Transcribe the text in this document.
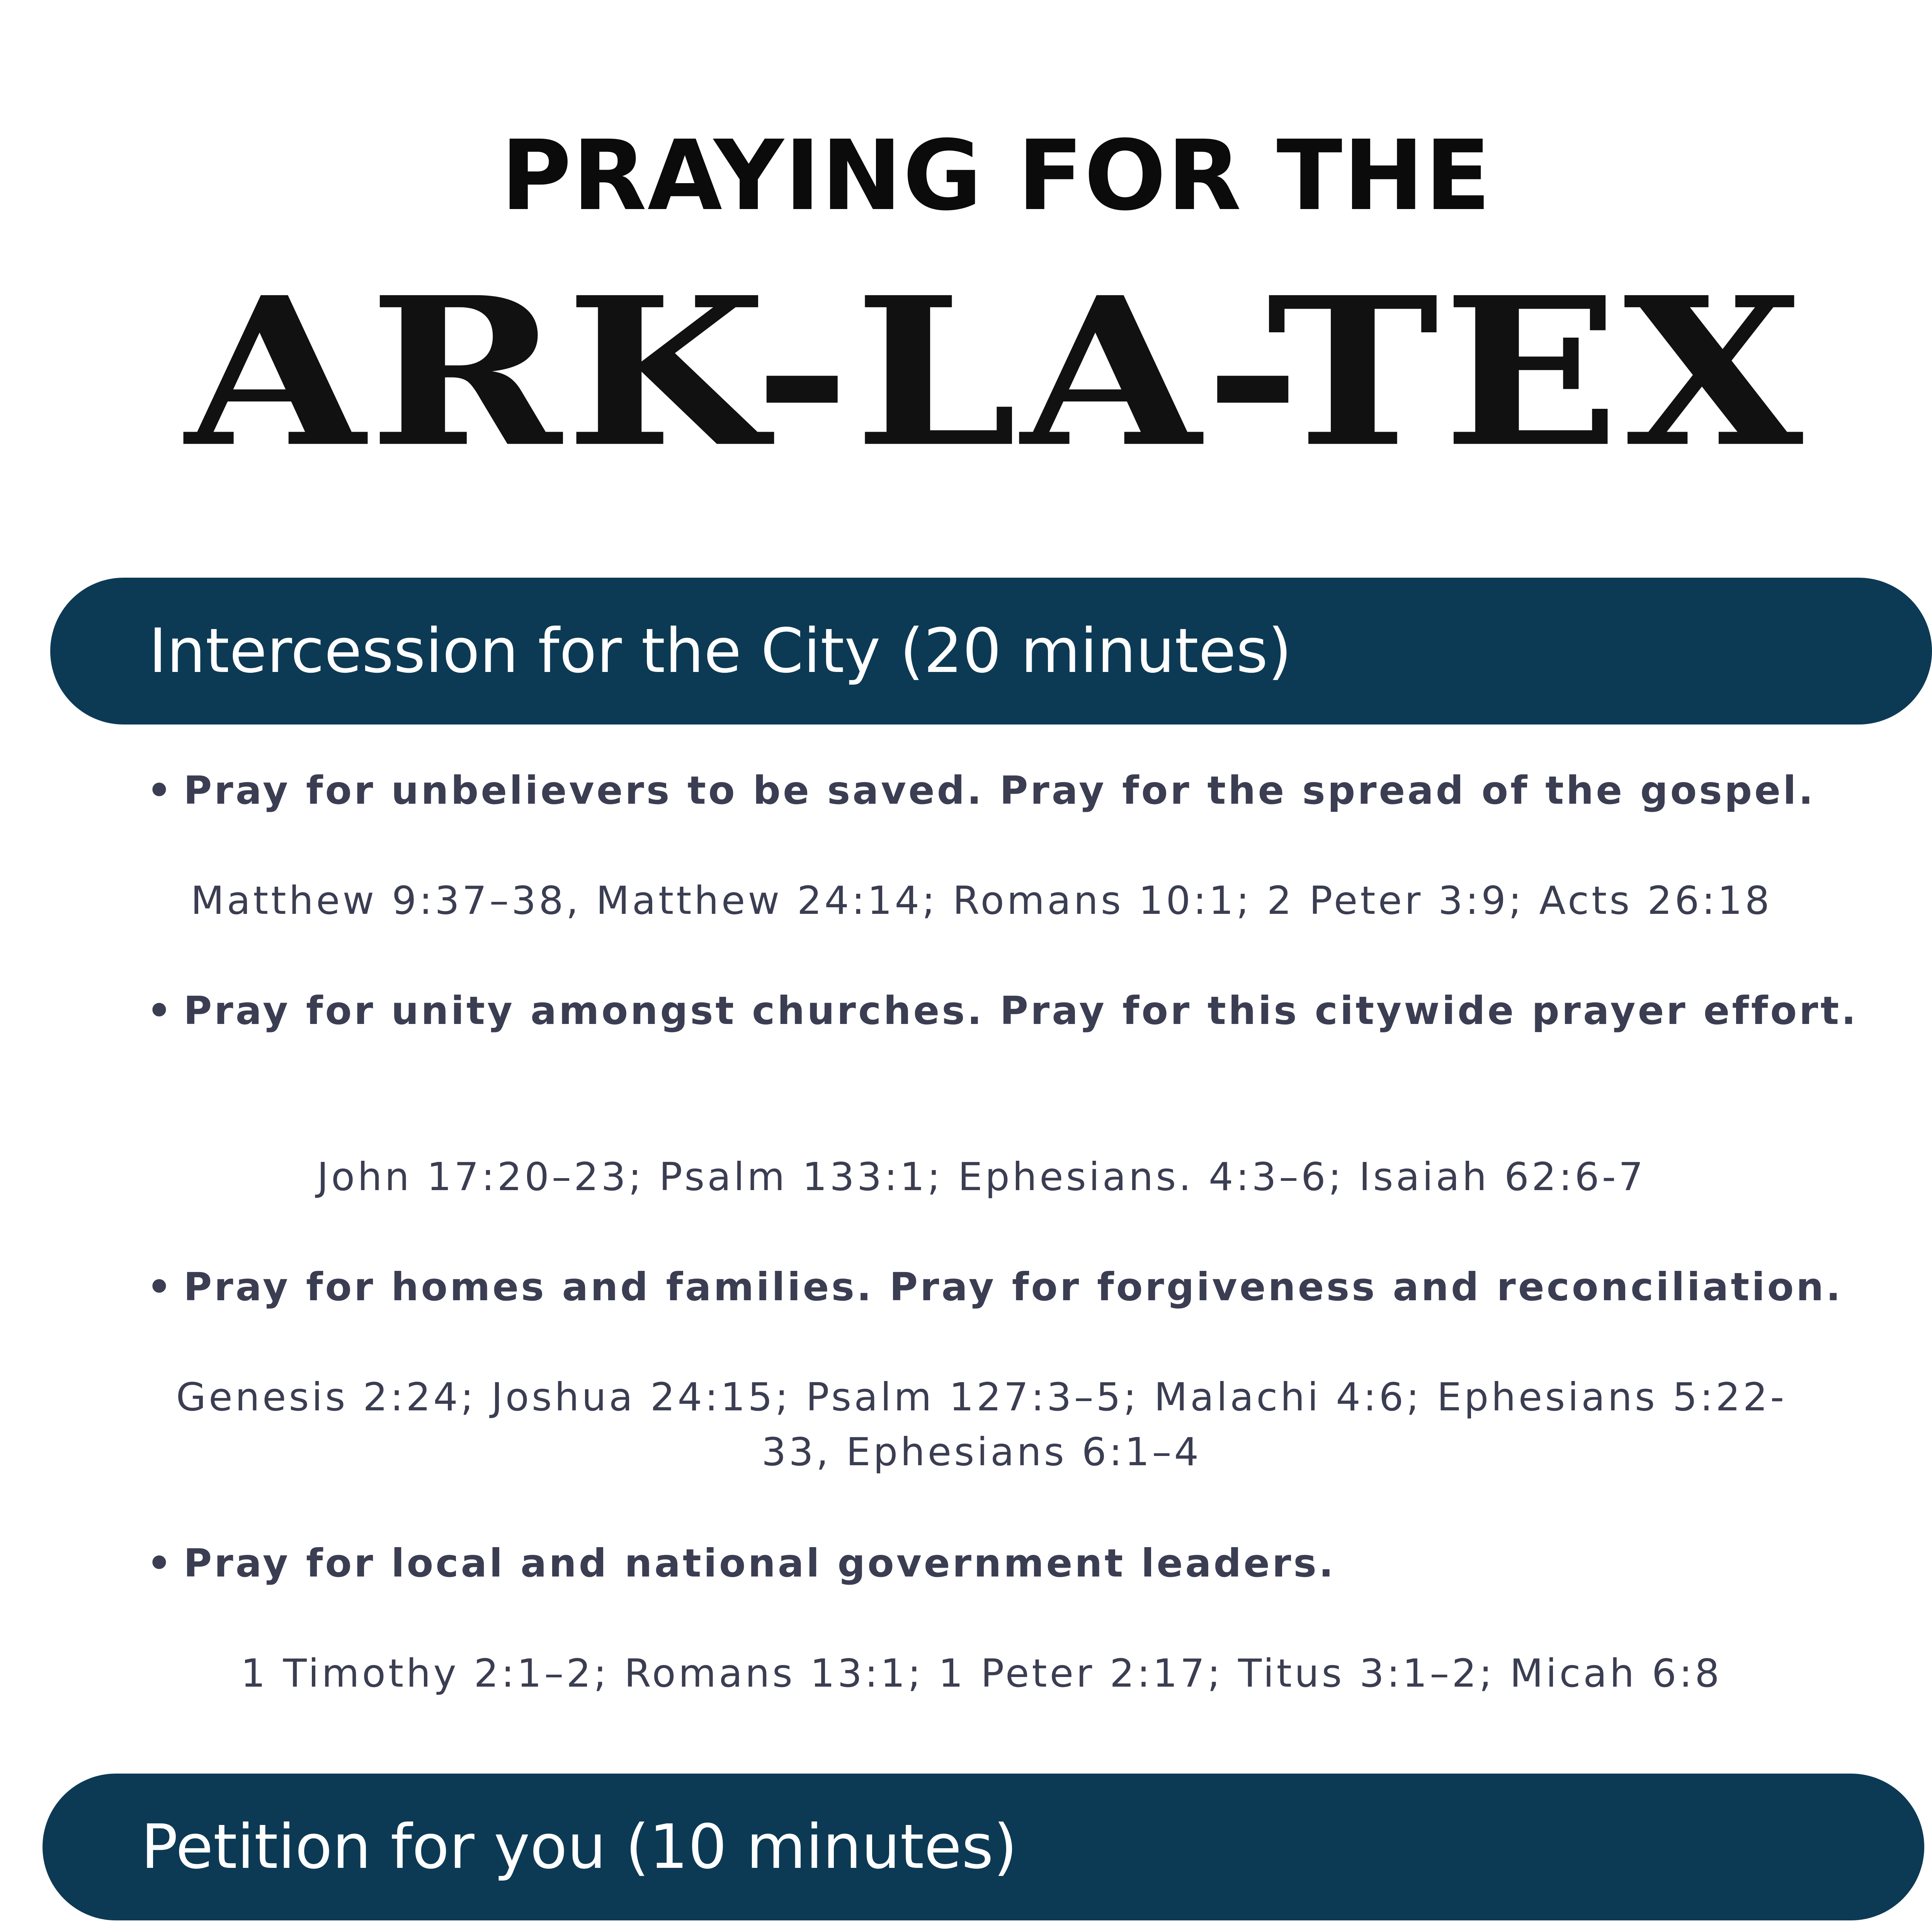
PRAYING FOR THE
ARK-LA-TEX
Intercession for the City (20 minutes)
• Pray for unbelievers to be saved. Pray for the spread of the gospel.
Matthew 9:37–38, Matthew 24:14; Romans 10:1; 2 Peter 3:9; Acts 26:18
• Pray for unity amongst churches. Pray for this citywide prayer effort.
John 17:20–23; Psalm 133:1; Ephesians. 4:3–6; Isaiah 62:6-7
• Pray for homes and families. Pray for forgiveness and reconciliation.
Genesis 2:24; Joshua 24:15; Psalm 127:3–5; Malachi 4:6; Ephesians 5:22-33, Ephesians 6:1–4
• Pray for local and national government leaders.
1 Timothy 2:1–2; Romans 13:1; 1 Peter 2:17; Titus 3:1–2; Micah 6:8
Petition for you (10 minutes)
